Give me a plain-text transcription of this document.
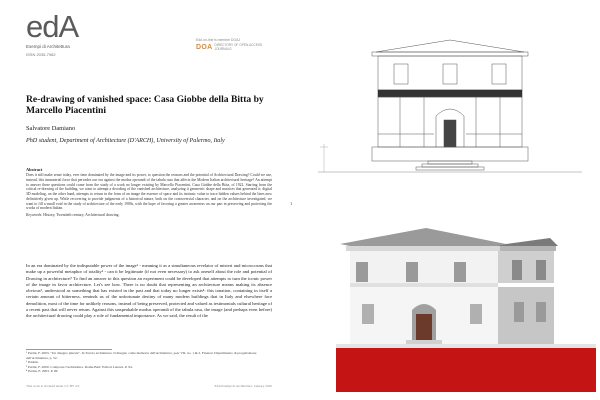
edA
Esempi di Architettura
ISSN 2035-7982
EdA on-line is member DOAJ
DOA DIRECTORY OF OPEN ACCESS JOURNALS
Re-drawing of vanished space: Casa Giobbe della Bitta by Marcello Piacentini
Salvatore Damiano
PhD student, Department of Architecture (D'ARCH), University of Palermo, Italy
Abstract
Does it still make sense today, ever time dominated by the image and its power, to question the reasons and the potential of Architectural Drawing? Could we use, instead, this immaterial force that pervades our era against the modus operandi of the tabula rasa that affects the Modern Italian architectural heritage? An attempt to answer these questions could come from the study of a work no longer existing by Marcello Piacentini, Casa Giobbe della Bitta, of 1922. Starting from the critical re-drawing of the building, we want to attempt a decoding of the vanished architecture, analyzing it geometric shape and matrices that generated it; digital 3D modeling, on the other hand, attempts to return in the form of an image the essence of space and its intrinsic value to trace hidden values behind the lines now definitively given up. While recovering to provide judgments of a historical nature, both on the controversial character, and on the architecture investigated, we want to fill a small void in the study of architecture of the early 1900s, with the hope of favoring a greater awareness on our part in preserving and protecting the works of modern Italian.
Keywords: History, Twentieth century, Architectural drawing.
In an era dominated by the indisputable power of the image¹ - meaning it as a simultaneous revelator of misteri and microcosms that make up a powerful metaphor of totality² - can it be legitimate (if not even necessary) to ask oneself about the role and potential of Drawing in architecture? To find an answer to this question an experiment could be developed that attempts to turn the iconic power of the image in favor architecture. Let's see how. There is no doubt that representing an architecture means making its absence obvious³, understood as something that has existed in the past and that today no longer exists⁴: this tonation, containing in itself a certain amount of bitterness, reminds us of the unfortunate destiny of many modern buildings that in Italy and elsewhere face demolition, most of the time for unlikely reasons, instead of being preserved, protected and valued as testimonials cultural heritage of a recent past that will never return. Against this unspeakable modus operandi of the tabula rasa, the image (and perhaps even before) the architectural drawing could play a role of fundamental importance. As we said, the result of the
¹ Purini, F. 2003. "Un disegno plurale". In Tavola architettura. Il disegno come memoria dell'architettura, year VII, no. 1 & 2. Firenze: Dipartimento di progettazione dell'architettura, p. 52.
³ Ibidem.
³ Purini, F. 2000. Comporre l'architettura. Roma-Bari: Editori Laterza. P. 94.
⁴ Purini, F. 2003. P. 96.
This work is licensed under CC BY 4.0	EdA Esempi di Architettura, January 2020
1
